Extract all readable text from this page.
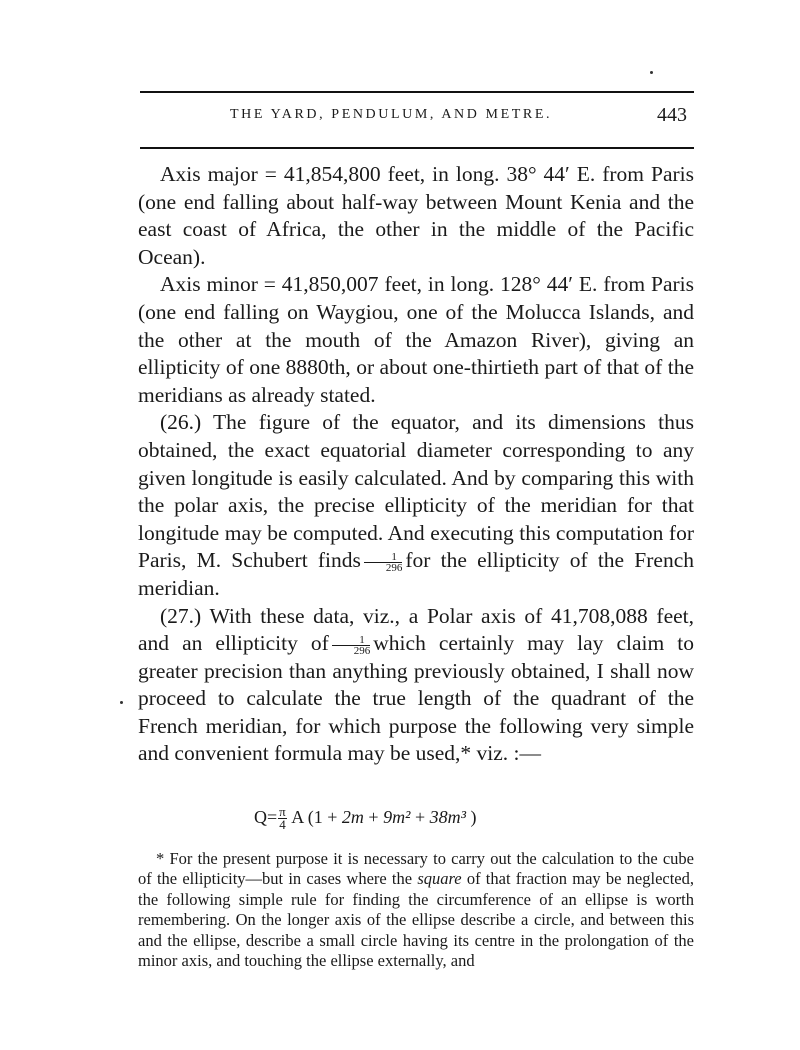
THE YARD, PENDULUM, AND METRE.	443

Axis major = 41,854,800 feet, in long. 38° 44′ E. from Paris (one end falling about half-way between Mount Kenia and the east coast of Africa, the other in the middle of the Pacific Ocean).

Axis minor = 41,850,007 feet, in long. 128° 44′ E. from Paris (one end falling on Waygiou, one of the Molucca Islands, and the other at the mouth of the Amazon River), giving an ellipticity of one 8880th, or about one-thirtieth part of that of the meridians as already stated.

(26.) The figure of the equator, and its dimensions thus obtained, the exact equatorial diameter corresponding to any given longitude is easily calculated. And by comparing this with the polar axis, the precise ellipticity of the meridian for that longitude may be computed. And executing this computation for Paris, M. Schubert finds $\frac{1}{296}$ for the ellipticity of the French meridian.

(27.) With these data, viz., a Polar axis of 41,708,088 feet, and an ellipticity of $\frac{1}{296}$ which certainly may lay claim to greater precision than anything previously obtained, I shall now proceed to calculate the true length of the quadrant of the French meridian, for which purpose the following very simple and convenient formula may be used,* viz. :—

$Q= \frac{\pi}{4}$ A (1 + 2m + 9m² + 38m³ )

* For the present purpose it is necessary to carry out the calculation to the cube of the ellipticity—but in cases where the square of that fraction may be neglected, the following simple rule for finding the circumference of an ellipse is worth remembering. On the longer axis of the ellipse describe a circle, and between this and the ellipse, describe a small circle having its centre in the prolongation of the minor axis, and touching the ellipse externally, and
